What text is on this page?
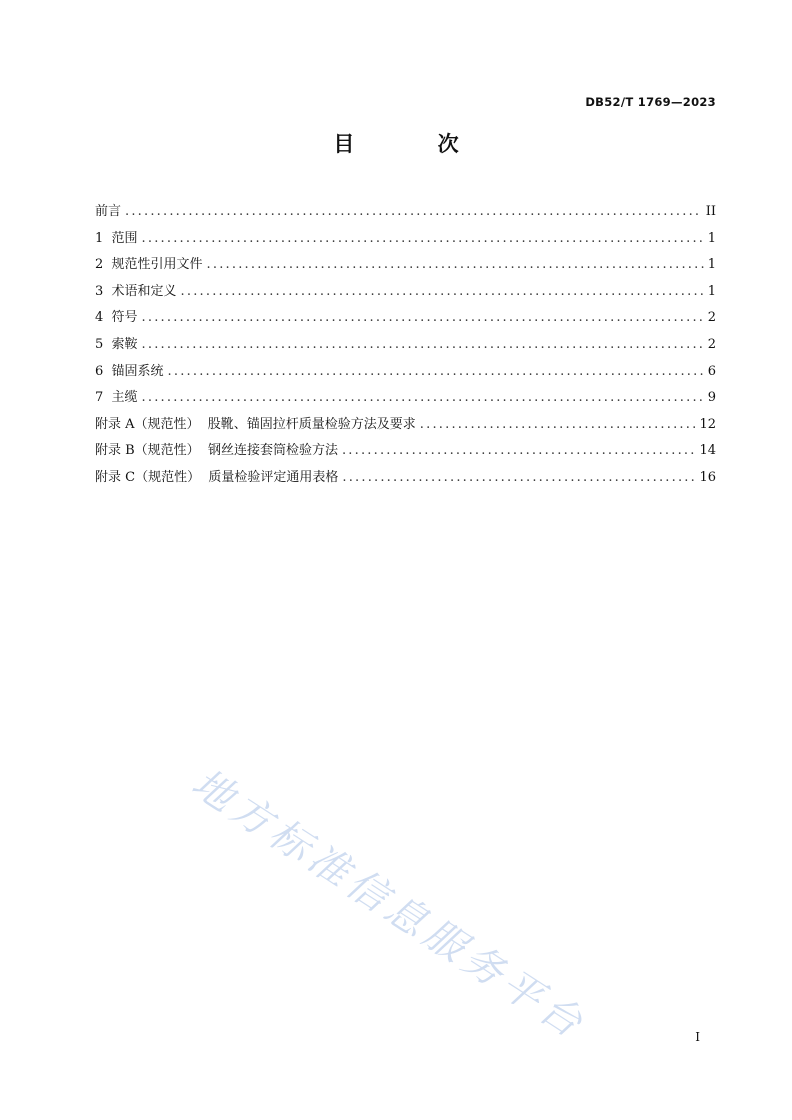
DB52/T 1769—2023
目 次
前言 .....	II
1  范围 .....	1
2  规范性引用文件 .....	1
3  术语和定义 .....	1
4  符号 .....	2
5  索鞍 .....	2
6  锚固系统 .....	6
7  主缆 .....	9
附录 A（规范性）  股靴、锚固拉杆质量检验方法及要求 .....	12
附录 B（规范性）  钢丝连接套筒检验方法 .....	14
附录 C（规范性）  质量检验评定通用表格 .....	16
地方标准信息服务平台	I
